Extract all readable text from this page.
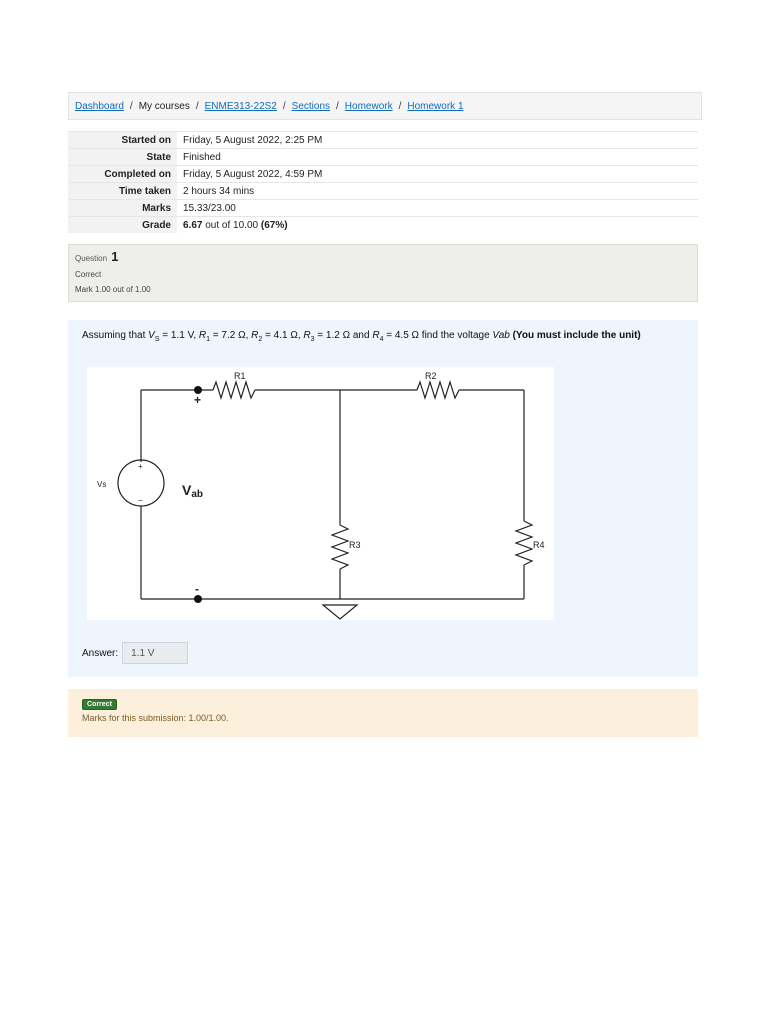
Dashboard / My courses / ENME313-22S2 / Sections / Homework / Homework 1
Started on	Friday, 5 August 2022, 2:25 PM
State	Finished
Completed on	Friday, 5 August 2022, 4:59 PM
Time taken	2 hours 34 mins
Marks	15.33/23.00
Grade	6.67 out of 10.00 (67%)
Question 1
Correct
Mark 1.00 out of 1.00
Assuming that $V_S = 1.1$ V, $R_1 = 7.2$ Ω, $R_2 = 4.1$ Ω, $R_3 = 1.2$ Ω and $R_4 = 4.5$ Ω find the voltage Vab (You must include the unit)
R1	R2
R3	R4
Vs
+
-
+
−
Vab
Answer:
1.1 V
Correct
Marks for this submission: 1.00/1.00.
